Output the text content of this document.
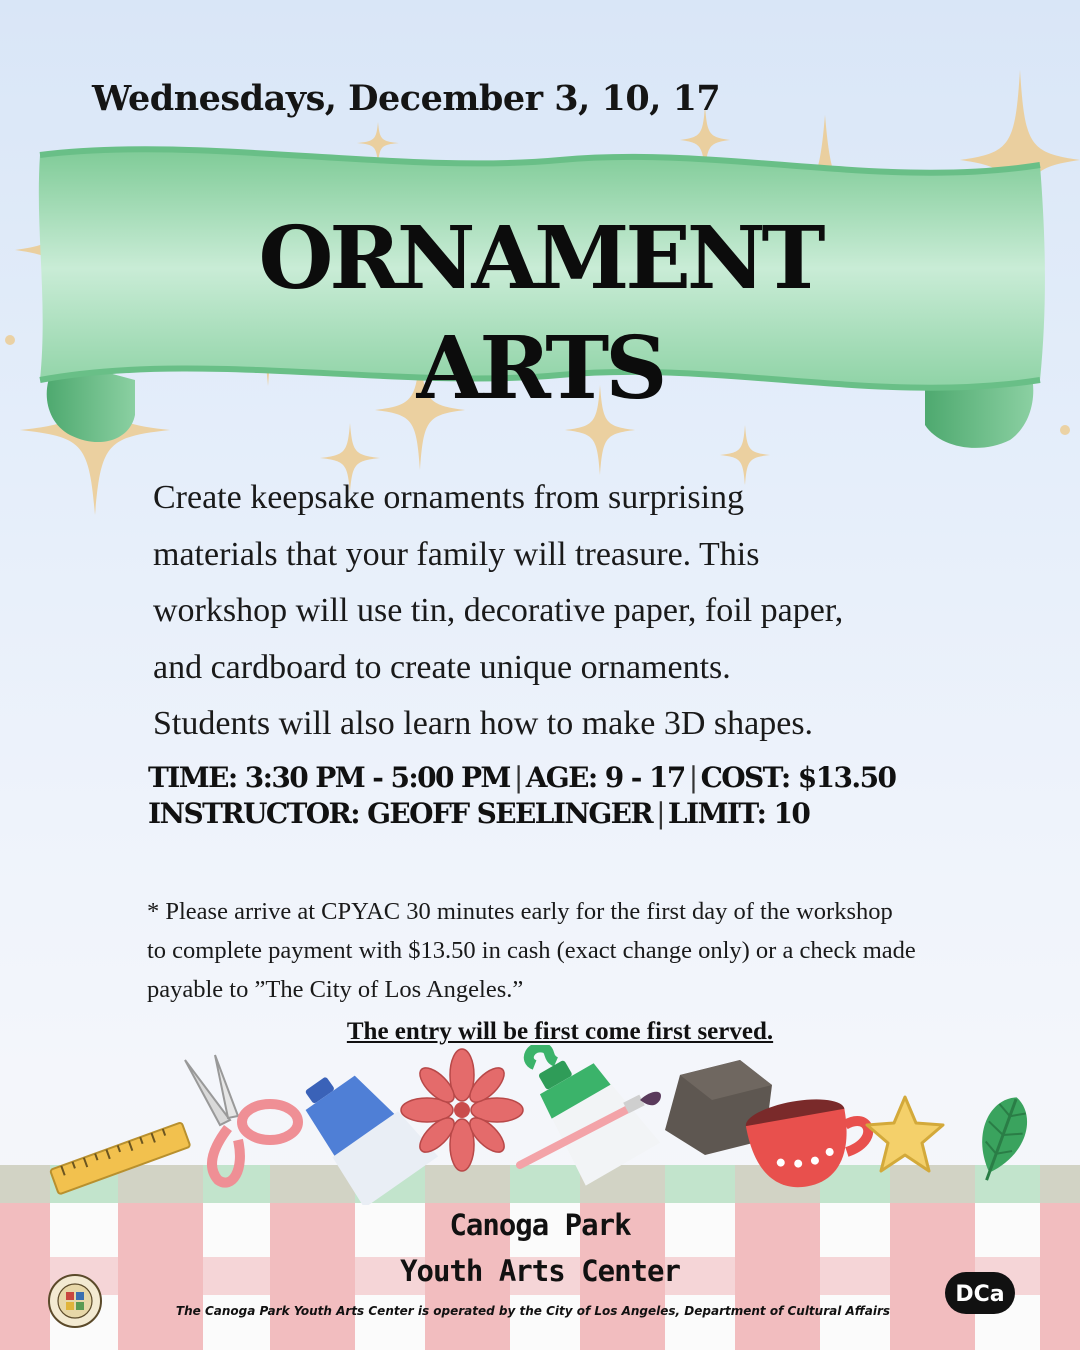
Wednesdays, December 3, 10, 17
ORNAMENT
ARTS
Create keepsake ornaments from surprising
materials that your family will treasure. This
workshop will use tin, decorative paper, foil paper,
and cardboard to create unique ornaments.
Students will also learn how to make 3D shapes.
TIME: 3:30 PM - 5:00 PM | AGE: 9 - 17 | COST: $13.50
INSTRUCTOR: GEOFF SEELINGER | LIMIT: 10
* Please arrive at CPYAC 30 minutes early for the first day of the workshop
to complete payment with $13.50 in cash (exact change only) or a check made
payable to ”The City of Los Angeles.”
The entry will be first come first served.
Canoga Park
Youth Arts Center
The Canoga Park Youth Arts Center is operated by the City of Los Angeles, Department of Cultural Affairs
DCa
